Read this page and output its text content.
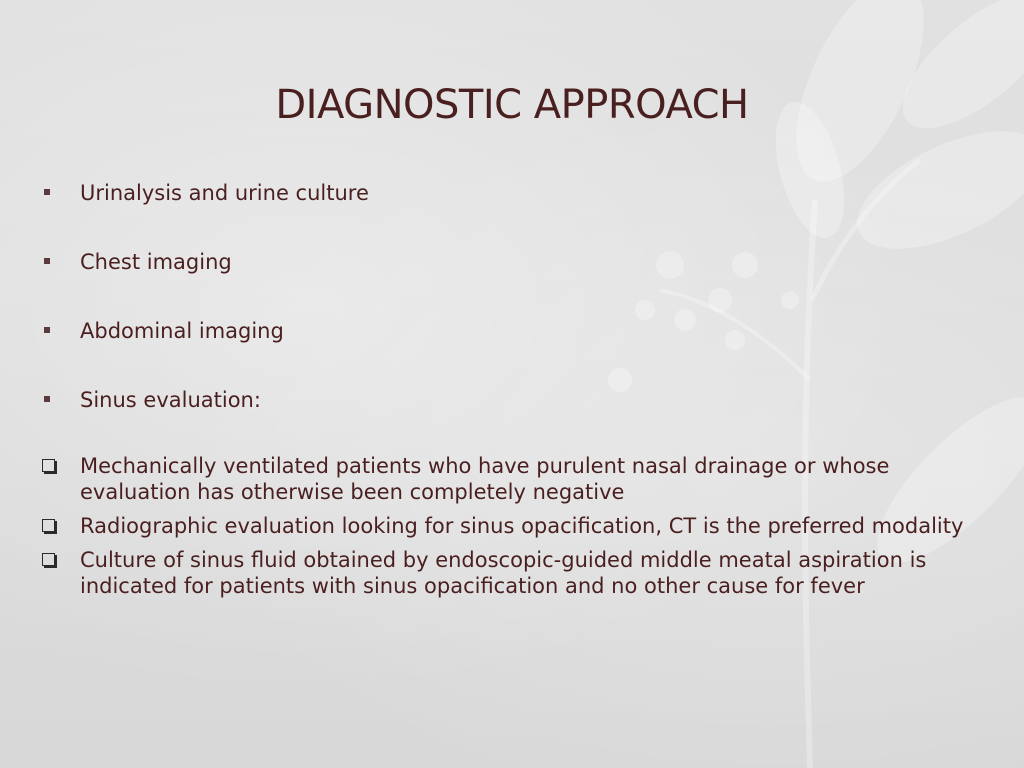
DIAGNOSTIC APPROACH
Urinalysis and urine culture
Chest imaging
Abdominal imaging
Sinus evaluation:
Mechanically ventilated patients who have purulent nasal drainage or whose evaluation has otherwise been completely negative
Radiographic evaluation looking for sinus opacification, CT is the preferred modality
Culture of sinus fluid obtained by endoscopic-guided middle meatal aspiration is indicated for patients with sinus opacification and no other cause for fever
